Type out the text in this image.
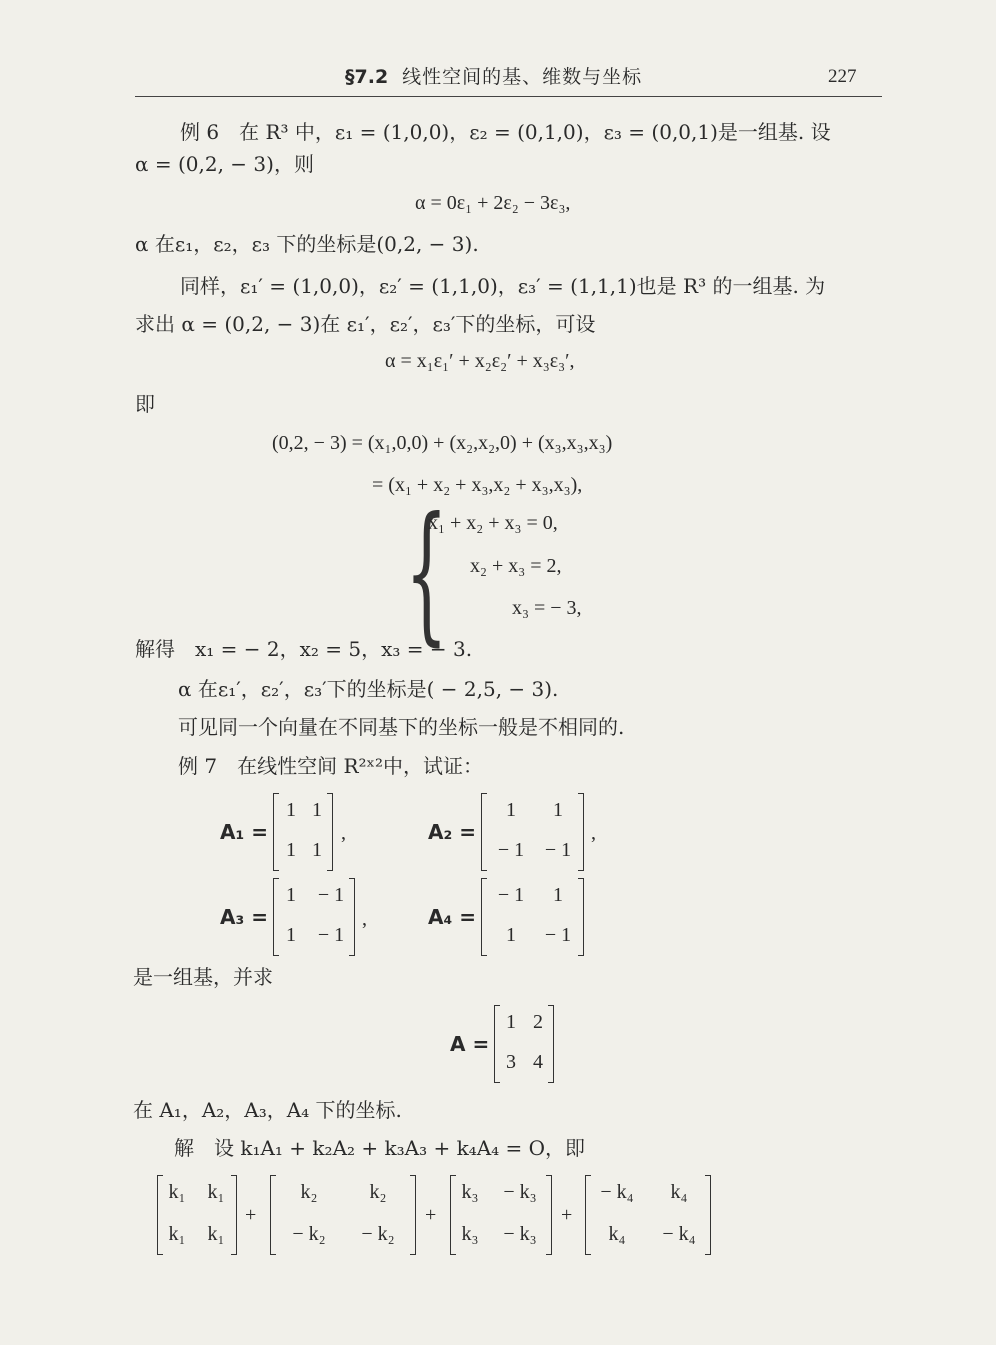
§7.2 线性空间的基、维数与坐标	227
例 6　在 R³ 中，ε₁ = (1,0,0)，ε₂ = (0,1,0)，ε₃ = (0,0,1)是一组基. 设
α = (0,2, − 3)，则
α = 0ε₁ + 2ε₂ − 3ε₃,
α 在ε₁，ε₂，ε₃ 下的坐标是(0,2, − 3).
同样，ε₁′ = (1,0,0)，ε₂′ = (1,1,0)，ε₃′ = (1,1,1)也是 R³ 的一组基. 为
求出 α = (0,2, − 3)在 ε₁′，ε₂′，ε₃′下的坐标，可设
α = x₁ε₁′ + x₂ε₂′ + x₃ε₃′,
即
(0,2, − 3) = (x₁,0,0) + (x₂,x₂,0) + (x₃,x₃,x₃)
= (x₁ + x₂ + x₃,x₂ + x₃,x₃),
{
x₁ + x₂ + x₃ = 0,
x₂ + x₃ = 2,
x₃ = − 3,
解得　x₁ = − 2，x₂ = 5，x₃ = − 3.
α 在ε₁′，ε₂′，ε₃′下的坐标是( − 2,5, − 3).
可见同一个向量在不同基下的坐标一般是不相同的.
例 7　在线性空间 R²ˣ²中，试证：
A₁ =
1 1
1 1
,	A₂ =
1	1
− 1	− 1
,
A₃ =
1	− 1
1	− 1
,	A₄ =
− 1	1
1	− 1
是一组基，并求
A =
1 2
3 4
在 A₁，A₂，A₃，A₄ 下的坐标.
解　设 k₁A₁ + k₂A₂ + k₃A₃ + k₄A₄ = O，即
k₁	k₁
k₁	k₁
+
k₂	k₂
− k₂	− k₂
+
k₃	− k₃
k₃	− k₃
+
− k₄	k₄
k₄	− k₄
